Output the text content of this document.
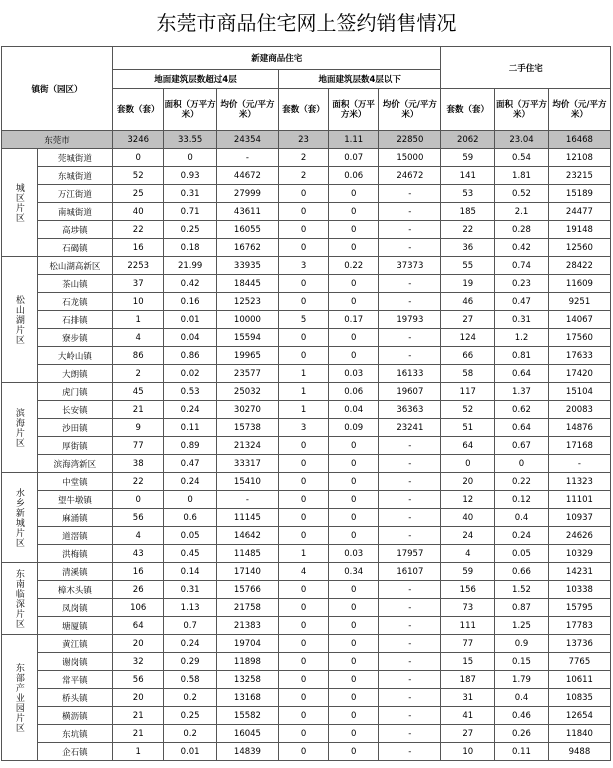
东莞市商品住宅网上签约销售情况
镇街（园区）		新建商品住宅						二手住宅		
		地面建筑层数超过4层			地面建筑层数4层以下					
		套数（套）	面积（万平方米）	均价（元/平方米）	套数（套）	面积（万平方米）	均价（元/平方米）	套数（套）	面积（万平方米）	均价（元/平方米）
东莞市		3246	33.55	24354	23	1.11	22850	2062	23.04	16468
城区片区	莞城街道	0	0	-	2	0.07	15000	59	0.54	12108
	东城街道	52	0.93	44672	2	0.06	24672	141	1.81	23215
	万江街道	25	0.31	27999	0	0	-	53	0.52	15189
	南城街道	40	0.71	43611	0	0	-	185	2.1	24477
	高埗镇	22	0.25	16055	0	0	-	22	0.28	19148
	石碣镇	16	0.18	16762	0	0	-	36	0.42	12560
松山湖片区	松山湖高新区	2253	21.99	33935	3	0.22	37373	55	0.74	28422
	茶山镇	37	0.42	18445	0	0	-	19	0.23	11609
	石龙镇	10	0.16	12523	0	0	-	46	0.47	9251
	石排镇	1	0.01	10000	5	0.17	19793	27	0.31	14067
	寮步镇	4	0.04	15594	0	0	-	124	1.2	17560
	大岭山镇	86	0.86	19965	0	0	-	66	0.81	17633
	大朗镇	2	0.02	23577	1	0.03	16133	58	0.64	17420
滨海片区	虎门镇	45	0.53	25032	1	0.06	19607	117	1.37	15104
	长安镇	21	0.24	30270	1	0.04	36363	52	0.62	20083
	沙田镇	9	0.11	15738	3	0.09	23241	51	0.64	14876
	厚街镇	77	0.89	21324	0	0	-	64	0.67	17168
	滨海湾新区	38	0.47	33317	0	0	-	0	0	-
水乡新城片区	中堂镇	22	0.24	15410	0	0	-	20	0.22	11323
	望牛墩镇	0	0	-	0	0	-	12	0.12	11101
	麻涌镇	56	0.6	11145	0	0	-	40	0.4	10937
	道滘镇	4	0.05	14642	0	0	-	24	0.24	24626
	洪梅镇	43	0.45	11485	1	0.03	17957	4	0.05	10329
东南临深片区	清溪镇	16	0.14	17140	4	0.34	16107	59	0.66	14231
	樟木头镇	26	0.31	15766	0	0	-	156	1.52	10338
	凤岗镇	106	1.13	21758	0	0	-	73	0.87	15795
	塘厦镇	64	0.7	21383	0	0	-	111	1.25	17783
东部产业园片区	黄江镇	20	0.24	19704	0	0	-	77	0.9	13736
	谢岗镇	32	0.29	11898	0	0	-	15	0.15	7765
	常平镇	56	0.58	13258	0	0	-	187	1.79	10611
	桥头镇	20	0.2	13168	0	0	-	31	0.4	10835
	横沥镇	21	0.25	15582	0	0	-	41	0.46	12654
	东坑镇	21	0.2	16045	0	0	-	27	0.26	11840
	企石镇	1	0.01	14839	0	0	-	10	0.11	9488
